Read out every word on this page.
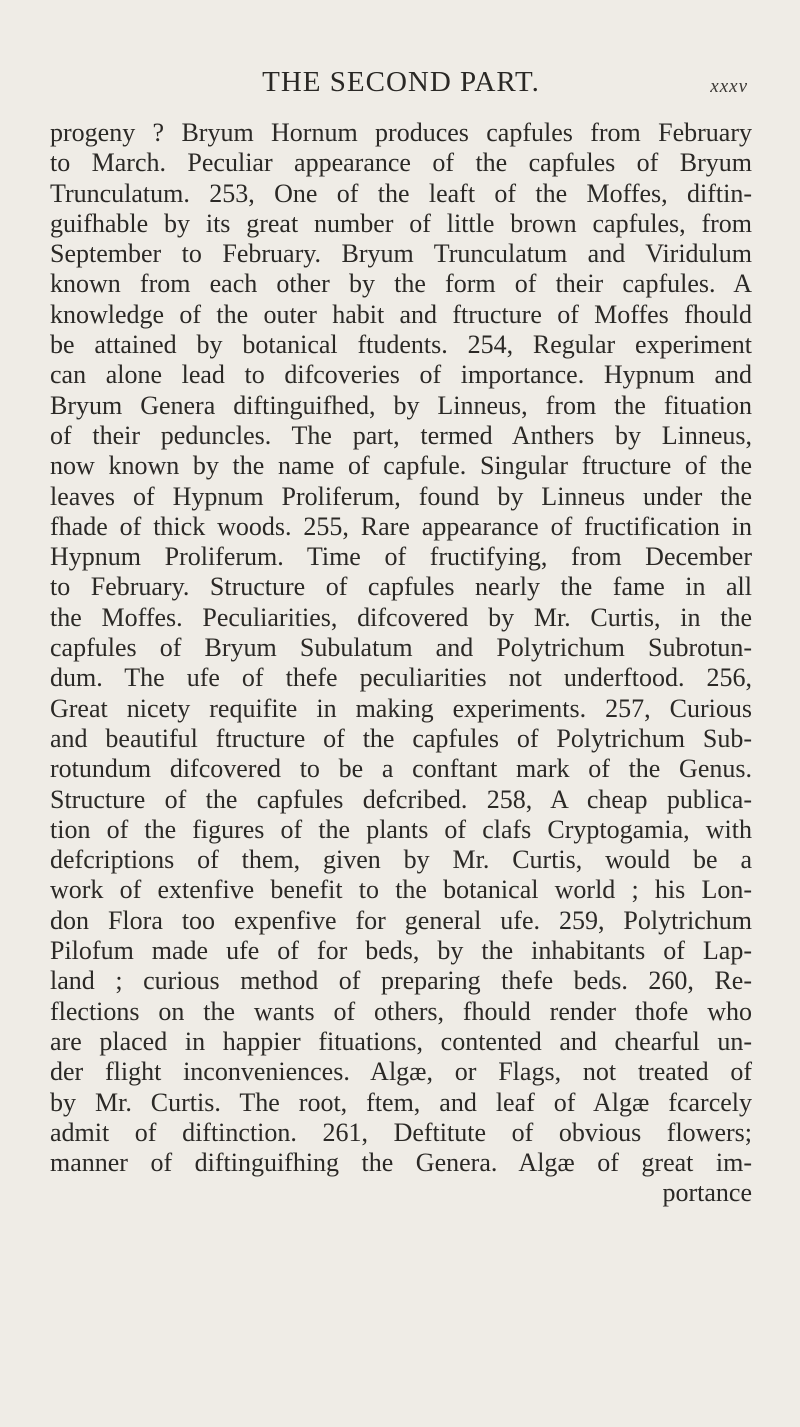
THE SECOND PART.	xxxv
progeny ? Bryum Hornum produces capfules from February
to March. Peculiar appearance of the capfules of Bryum
Trunculatum. 253, One of the leaft of the Moffes, diftin-
guifhable by its great number of little brown capfules, from
September to February. Bryum Trunculatum and Viridulum
known from each other by the form of their capfules. A
knowledge of the outer habit and ftructure of Moffes fhould
be attained by botanical ftudents. 254, Regular experiment
can alone lead to difcoveries of importance. Hypnum and
Bryum Genera diftinguifhed, by Linneus, from the fituation
of their peduncles. The part, termed Anthers by Linneus,
now known by the name of capfule. Singular ftructure of the
leaves of Hypnum Proliferum, found by Linneus under the
fhade of thick woods. 255, Rare appearance of fructification in
Hypnum Proliferum. Time of fructifying, from December
to February. Structure of capfules nearly the fame in all
the Moffes. Peculiarities, difcovered by Mr. Curtis, in the
capfules of Bryum Subulatum and Polytrichum Subrotun-
dum. The ufe of thefe peculiarities not underftood. 256,
Great nicety requifite in making experiments. 257, Curious
and beautiful ftructure of the capfules of Polytrichum Sub-
rotundum difcovered to be a conftant mark of the Genus.
Structure of the capfules defcribed. 258, A cheap publica-
tion of the figures of the plants of clafs Cryptogamia, with
defcriptions of them, given by Mr. Curtis, would be a
work of extenfive benefit to the botanical world ; his Lon-
don Flora too expenfive for general ufe. 259, Polytrichum
Pilofum made ufe of for beds, by the inhabitants of Lap-
land ; curious method of preparing thefe beds. 260, Re-
flections on the wants of others, fhould render thofe who
are placed in happier fituations, contented and chearful un-
der flight inconveniences. Algæ, or Flags, not treated of
by Mr. Curtis. The root, ftem, and leaf of Algæ fcarcely
admit of diftinction. 261, Deftitute of obvious flowers;
manner of diftinguifhing the Genera. Algæ of great im-
portance
